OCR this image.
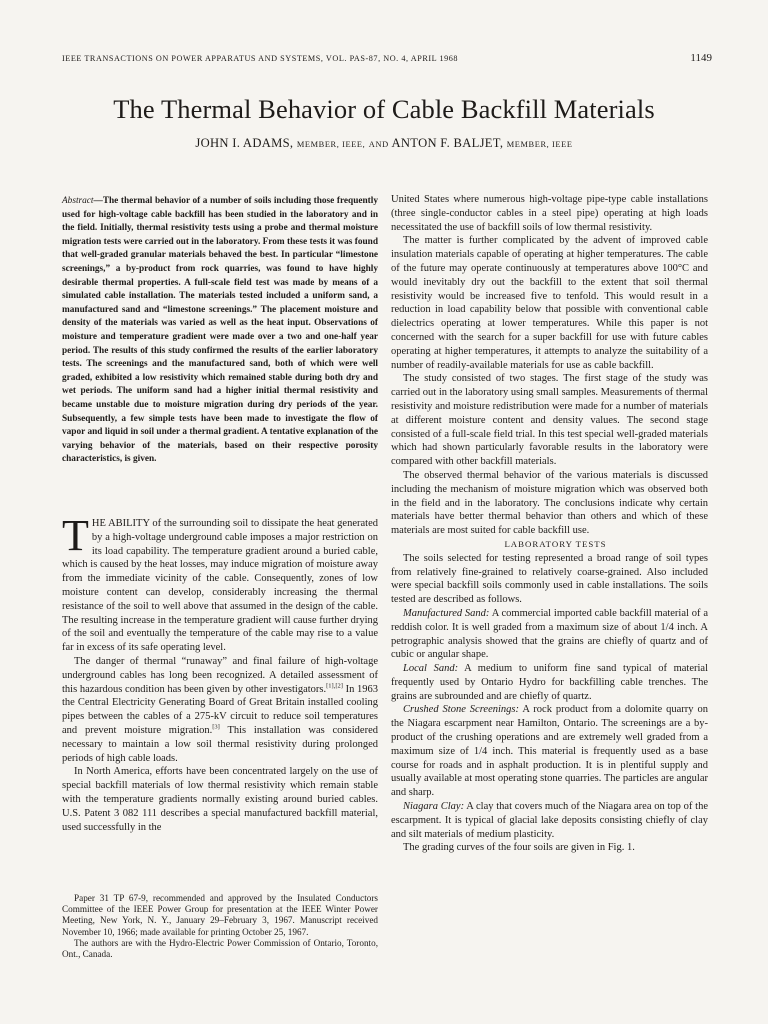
IEEE TRANSACTIONS ON POWER APPARATUS AND SYSTEMS, VOL. PAS-87, NO. 4, APRIL 1968	1149
The Thermal Behavior of Cable Backfill Materials
JOHN I. ADAMS, MEMBER, IEEE, AND ANTON F. BALJET, MEMBER, IEEE
Abstract—The thermal behavior of a number of soils including those frequently used for high-voltage cable backfill has been studied in the laboratory and in the field. Initially, thermal resistivity tests using a probe and thermal moisture migration tests were carried out in the laboratory. From these tests it was found that well-graded granular materials behaved the best. In particular “limestone screenings,” a by-product from rock quarries, was found to have highly desirable thermal properties. A full-scale field test was made by means of a simulated cable installation. The materials tested included a uniform sand, a manufactured sand and “limestone screenings.” The placement moisture and density of the materials was varied as well as the heat input. Observations of moisture and temperature gradient were made over a two and one-half year period. The results of this study confirmed the results of the earlier laboratory tests. The screenings and the manufactured sand, both of which were well graded, exhibited a low resistivity which remained stable during both dry and wet periods. The uniform sand had a higher initial thermal resistivity and became unstable due to moisture migration during dry periods of the year. Subsequently, a few simple tests have been made to investigate the flow of vapor and liquid in soil under a thermal gradient. A tentative explanation of the varying behavior of the materials, based on their respective porosity characteristics, is given.

THE ABILITY of the surrounding soil to dissipate the heat generated by a high-voltage underground cable imposes a major restriction on its load capability. The temperature gradient around a buried cable, which is caused by the heat losses, may induce migration of moisture away from the immediate vicinity of the cable. Consequently, zones of low moisture content can develop, considerably increasing the thermal resistance of the soil to well above that assumed in the design of the cable. The resulting increase in the temperature gradient will cause further drying of the soil and eventually the temperature of the cable may rise to a value far in excess of its safe operating level.

The danger of thermal “runaway” and final failure of high-voltage underground cables has long been recognized. A detailed assessment of this hazardous condition has been given by other investigators.[1],[2] In 1963 the Central Electricity Generating Board of Great Britain installed cooling pipes between the cables of a 275-kV circuit to reduce soil temperatures and prevent moisture migration.[3] This installation was considered necessary to maintain a low soil thermal resistivity during prolonged periods of high cable loads.

In North America, efforts have been concentrated largely on the use of special backfill materials of low thermal resistivity which remain stable with the temperature gradients normally existing around buried cables. U.S. Patent 3 082 111 describes a special manufactured backfill material, used successfully in the

Paper 31 TP 67-9, recommended and approved by the Insulated Conductors Committee of the IEEE Power Group for presentation at the IEEE Winter Power Meeting, New York, N. Y., January 29–February 3, 1967. Manuscript received November 10, 1966; made available for printing October 25, 1967.

The authors are with the Hydro-Electric Power Commission of Ontario, Toronto, Ont., Canada.

United States where numerous high-voltage pipe-type cable installations (three single-conductor cables in a steel pipe) operating at high loads necessitated the use of backfill soils of low thermal resistivity.

The matter is further complicated by the advent of improved cable insulation materials capable of operating at higher temperatures. The cable of the future may operate continuously at temperatures above 100°C and would inevitably dry out the backfill to the extent that soil thermal resistivity would be increased five to tenfold. This would result in a reduction in load capability below that possible with conventional cable dielectrics operating at lower temperatures. While this paper is not concerned with the search for a super backfill for use with future cables operating at higher temperatures, it attempts to analyze the suitability of a number of readily-available materials for use as cable backfill.

The study consisted of two stages. The first stage of the study was carried out in the laboratory using small samples. Measurements of thermal resistivity and moisture redistribution were made for a number of materials at different moisture content and density values. The second stage consisted of a full-scale field trial. In this test special well-graded materials which had shown particularly favorable results in the laboratory were compared with other backfill materials.

The observed thermal behavior of the various materials is discussed including the mechanism of moisture migration which was observed both in the field and in the laboratory. The conclusions indicate why certain materials have better thermal behavior than others and which of these materials are most suited for cable backfill use.

LABORATORY TESTS

The soils selected for testing represented a broad range of soil types from relatively fine-grained to relatively coarse-grained. Also included were special backfill soils commonly used in cable installations. The soils tested are described as follows.

Manufactured Sand: A commercial imported cable backfill material of a reddish color. It is well graded from a maximum size of about 1/4 inch. A petrographic analysis showed that the grains are chiefly of quartz and of cubic or angular shape.

Local Sand: A medium to uniform fine sand typical of material frequently used by Ontario Hydro for backfilling cable trenches. The grains are subrounded and are chiefly of quartz.

Crushed Stone Screenings: A rock product from a dolomite quarry on the Niagara escarpment near Hamilton, Ontario. The screenings are a by-product of the crushing operations and are extremely well graded from a maximum size of 1/4 inch. This material is frequently used as a base course for roads and in asphalt production. It is in plentiful supply and usually available at most operating stone quarries. The particles are angular and sharp.

Niagara Clay: A clay that covers much of the Niagara area on top of the escarpment. It is typical of glacial lake deposits consisting chiefly of clay and silt materials of medium plasticity.

The grading curves of the four soils are given in Fig. 1.
